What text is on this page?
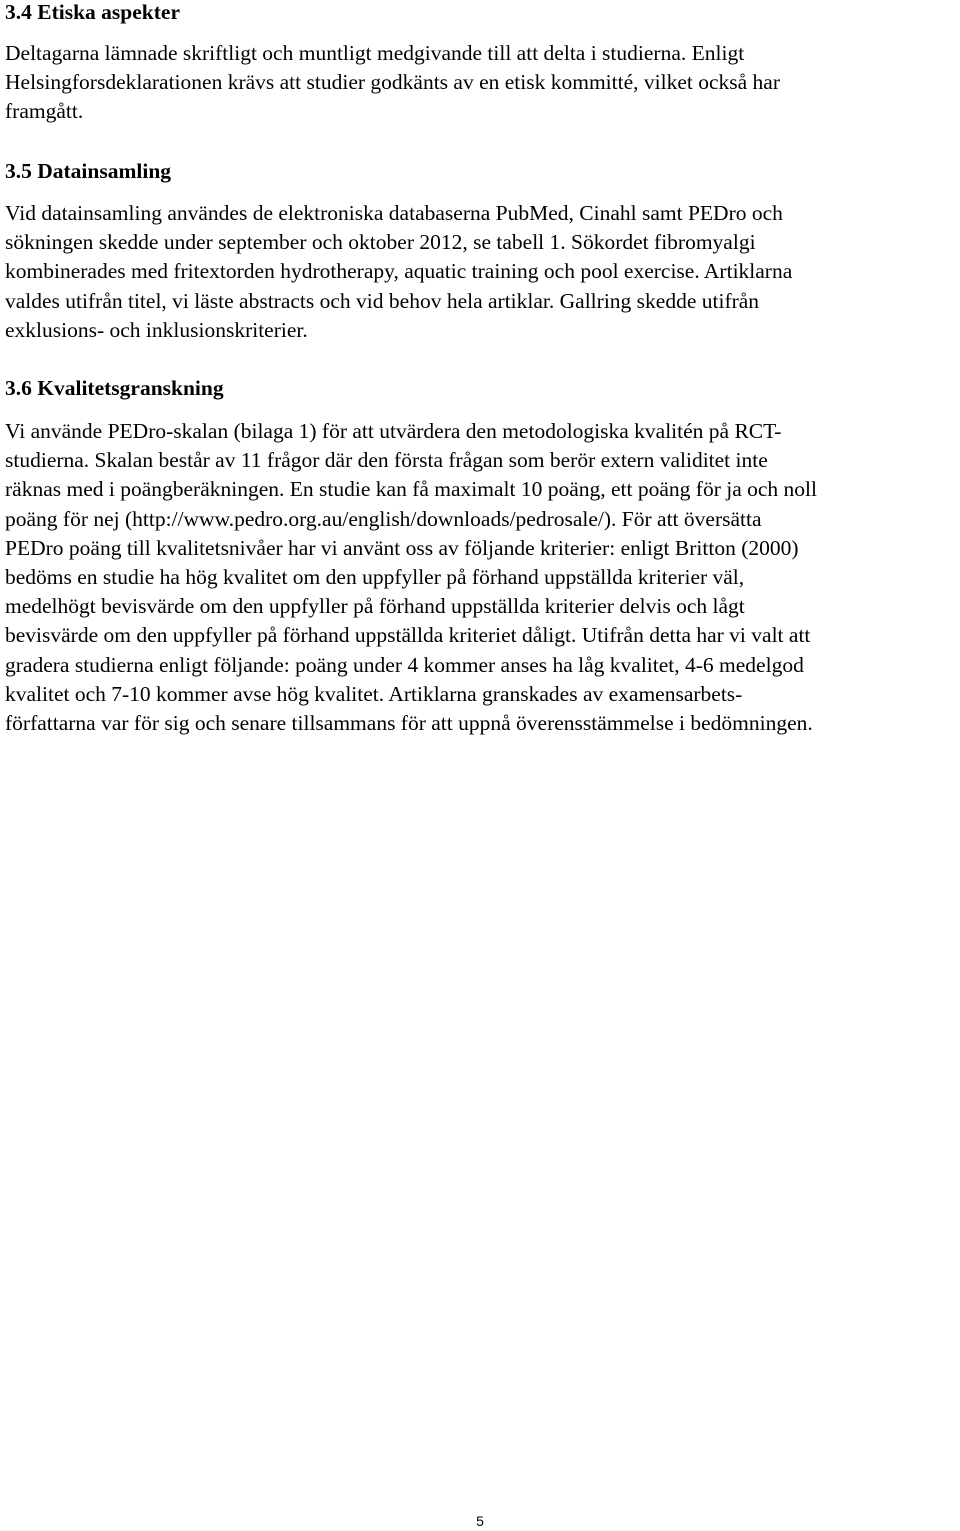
3.4 Etiska aspekter
Deltagarna lämnade skriftligt och muntligt medgivande till att delta i studierna. Enligt
Helsingforsdeklarationen krävs att studier godkänts av en etisk kommitté, vilket också har
framgått.
3.5 Datainsamling
Vid datainsamling användes de elektroniska databaserna PubMed, Cinahl samt PEDro och
sökningen skedde under september och oktober 2012, se tabell 1. Sökordet fibromyalgi
kombinerades med fritextorden hydrotherapy, aquatic training och pool exercise. Artiklarna
valdes utifrån titel, vi läste abstracts och vid behov hela artiklar. Gallring skedde utifrån
exklusions- och inklusionskriterier.
3.6 Kvalitetsgranskning
Vi använde PEDro-skalan (bilaga 1) för att utvärdera den metodologiska kvalitén på RCT-
studierna. Skalan består av 11 frågor där den första frågan som berör extern validitet inte
räknas med i poängberäkningen. En studie kan få maximalt 10 poäng, ett poäng för ja och noll
poäng för nej (http://www.pedro.org.au/english/downloads/pedrosale/). För att översätta
PEDro poäng till kvalitetsnivåer har vi använt oss av följande kriterier: enligt Britton (2000)
bedöms en studie ha hög kvalitet om den uppfyller på förhand uppställda kriterier väl,
medelhögt bevisvärde om den uppfyller på förhand uppställda kriterier delvis och lågt
bevisvärde om den uppfyller på förhand uppställda kriteriet dåligt. Utifrån detta har vi valt att
gradera studierna enligt följande: poäng under 4 kommer anses ha låg kvalitet, 4-6 medelgod
kvalitet och 7-10 kommer avse hög kvalitet. Artiklarna granskades av examensarbets-
författarna var för sig och senare tillsammans för att uppnå överensstämmelse i bedömningen.
5
